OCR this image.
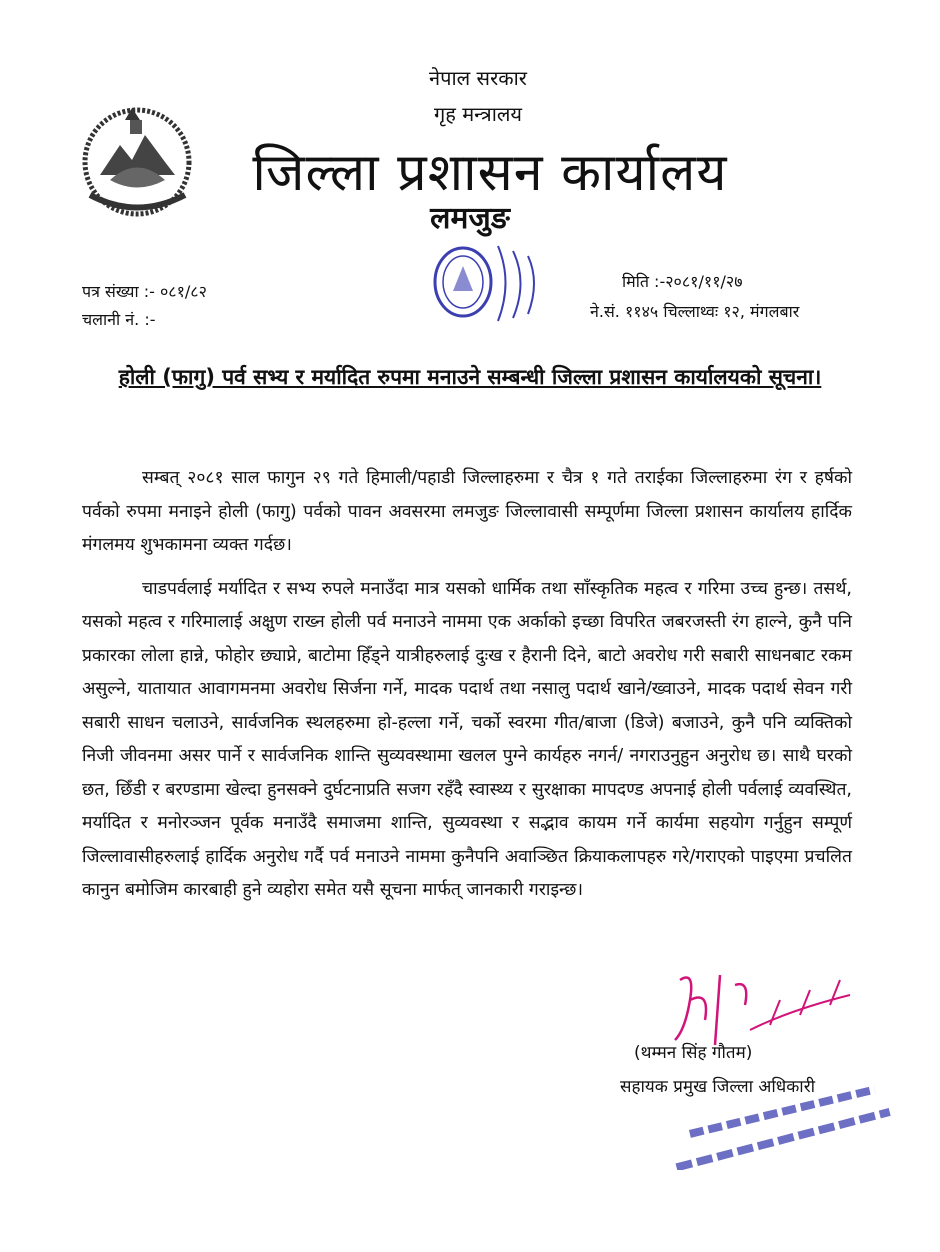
नेपाल सरकार
गृह मन्त्रालय
जिल्ला प्रशासन कार्यालय
लमजुङ
पत्र संख्या :- ०८१/८२
चलानी नं. :-
मिति :-२०८१/११/२७
ने.सं. ११४५ चिल्लाथ्वः १२, मंगलबार
होली (फागु) पर्व सभ्य र मर्यादित रुपमा मनाउने सम्बन्धी जिल्ला प्रशासन कार्यालयको सूचना।

सम्बत् २०८१ साल फागुन २९ गते हिमाली/पहाडी जिल्लाहरुमा र चैत्र १ गते तराईका जिल्लाहरुमा रंग र हर्षको पर्वको रुपमा मनाइने होली (फागु) पर्वको पावन अवसरमा लमजुङ जिल्लावासी सम्पूर्णमा जिल्ला प्रशासन कार्यालय हार्दिक मंगलमय शुभकामना व्यक्त गर्दछ।

चाडपर्वलाई मर्यादित र सभ्य रुपले मनाउँदा मात्र यसको धार्मिक तथा साँस्कृतिक महत्व र गरिमा उच्च हुन्छ। तसर्थ, यसको महत्व र गरिमालाई अक्षुण राख्न होली पर्व मनाउने नाममा एक अर्काको इच्छा विपरित जबरजस्ती रंग हाल्ने, कुनै पनि प्रकारका लोला हान्ने, फोहोर छ्याप्ने, बाटोमा हिँड्ने यात्रीहरुलाई दुःख र हैरानी दिने, बाटो अवरोध गरी सबारी साधनबाट रकम असुल्ने, यातायात आवागमनमा अवरोध सिर्जना गर्ने, मादक पदार्थ तथा नसालु पदार्थ खाने/ख्वाउने, मादक पदार्थ सेवन गरी सबारी साधन चलाउने, सार्वजनिक स्थलहरुमा हो-हल्ला गर्ने, चर्को स्वरमा गीत/बाजा (डिजे) बजाउने, कुनै पनि व्यक्तिको निजी जीवनमा असर पार्ने र सार्वजनिक शान्ति सुव्यवस्थामा खलल पुग्ने कार्यहरु नगर्न/ नगराउनुहुन अनुरोध छ। साथै घरको छत, छिँडी र बरण्डामा खेल्दा हुनसक्ने दुर्घटनाप्रति सजग रहँदै स्वास्थ्य र सुरक्षाका मापदण्ड अपनाई होली पर्वलाई व्यवस्थित, मर्यादित र मनोरञ्जन पूर्वक मनाउँदै समाजमा शान्ति, सुव्यवस्था र सद्भाव कायम गर्ने कार्यमा सहयोग गर्नुहुन सम्पूर्ण जिल्लावासीहरुलाई हार्दिक अनुरोध गर्दै पर्व मनाउने नाममा कुनैपनि अवाञ्छित क्रियाकलापहरु गरे/गराएको पाइएमा प्रचलित कानुन बमोजिम कारबाही हुने व्यहोरा समेत यसै सूचना मार्फत् जानकारी गराइन्छ।

(थम्मन सिंह गौतम)
सहायक प्रमुख जिल्ला अधिकारी
